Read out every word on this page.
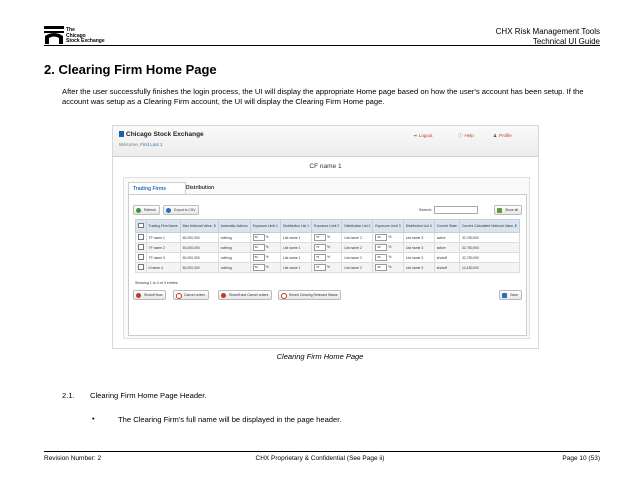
The
Chicago
Stock Exchange
CHX Risk Management Tools
Technical UI Guide
2. Clearing Firm Home Page
After the user successfully finishes the login process, the UI will display the appropriate Home page based on how the user's account has been setup. If the account was setup as a Clearing Firm account, the UI will display the Clearing Firm Home page.
Chicago Stock Exchange
Welcome, First Last 1
⇥ Logout	ⓘ Help	♟ Profile
CF name 1
Trading Firms	Distribution
Refresh	Export to CSV	Search:	Show all
	Trading Firm Name	Max Notional Value, $	Automatic Actions	Exposure Limit 1	Distribution List 1	Exposure Limit 2	Distribution List 2	Exposure Limit 3	Distribution List 3	Current State	Current Calculated Notional Value, $
	TF name 1	60,000,000	nothing	50 %	List name 1	75 %	List name 2	90 %	List name 3	active	32,750,000
	TF name 2	60,000,000	nothing	50 %	List name 1	75 %	List name 2	90 %	List name 3	active	32,750,000
	TF name 3	60,000,000	nothing	50 %	List name 1	75 %	List name 2	90 %	List name 3	shutoff	32,750,000
	rf name 4	60,000,000	nothing	50 %	List name 1	75 %	List name 2	90 %	List name 3	shutoff	14,150,000
Showing 1 to 4 of 4 entries
Shutoff Now	Cancel orders	Shutoff and Cancel orders	Revert Clearing Relevant Status	Save
Clearing Firm Home Page
2.1. Clearing Firm Home Page Header.
•	The Clearing Firm's full name will be displayed in the page header.
Revision Number: 2	CHX Proprietary & Confidential (See Page ii)	Page 10 (53)
